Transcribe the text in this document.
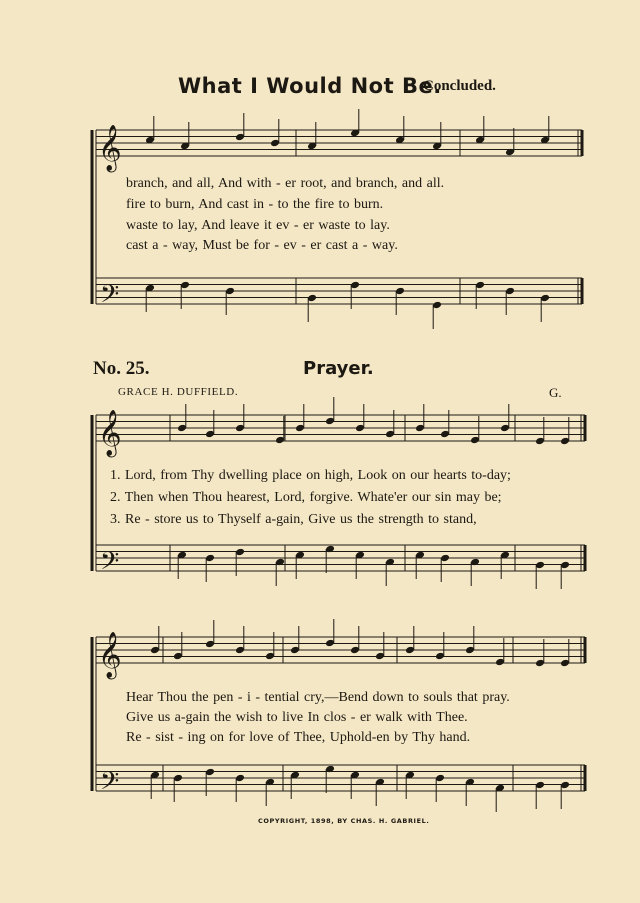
𝄞
𝄢
𝄞
𝄢
𝄞
𝄢
What I Would Not Be.
Concluded.
branch, and all, And with - er root, and branch, and all.
fire to burn, And cast in - to the fire to burn.
waste to lay, And leave it ev - er waste to lay.
cast a - way, Must be for - ev - er cast a - way.
No. 25.	Prayer.
GRACE H. DUFFIELD.	G.
1. Lord, from Thy dwelling place on high, Look on our hearts to-day;
2. Then when Thou hearest, Lord, forgive. Whate'er our sin may be;
3. Re - store us to Thyself a-gain, Give us the strength to stand,
Hear Thou the pen - i - tential cry,—Bend down to souls that pray.
Give us a-gain the wish to live In clos - er walk with Thee.
Re - sist - ing on for love of Thee, Uphold-en by Thy hand.
COPYRIGHT, 1898, BY CHAS. H. GABRIEL.
